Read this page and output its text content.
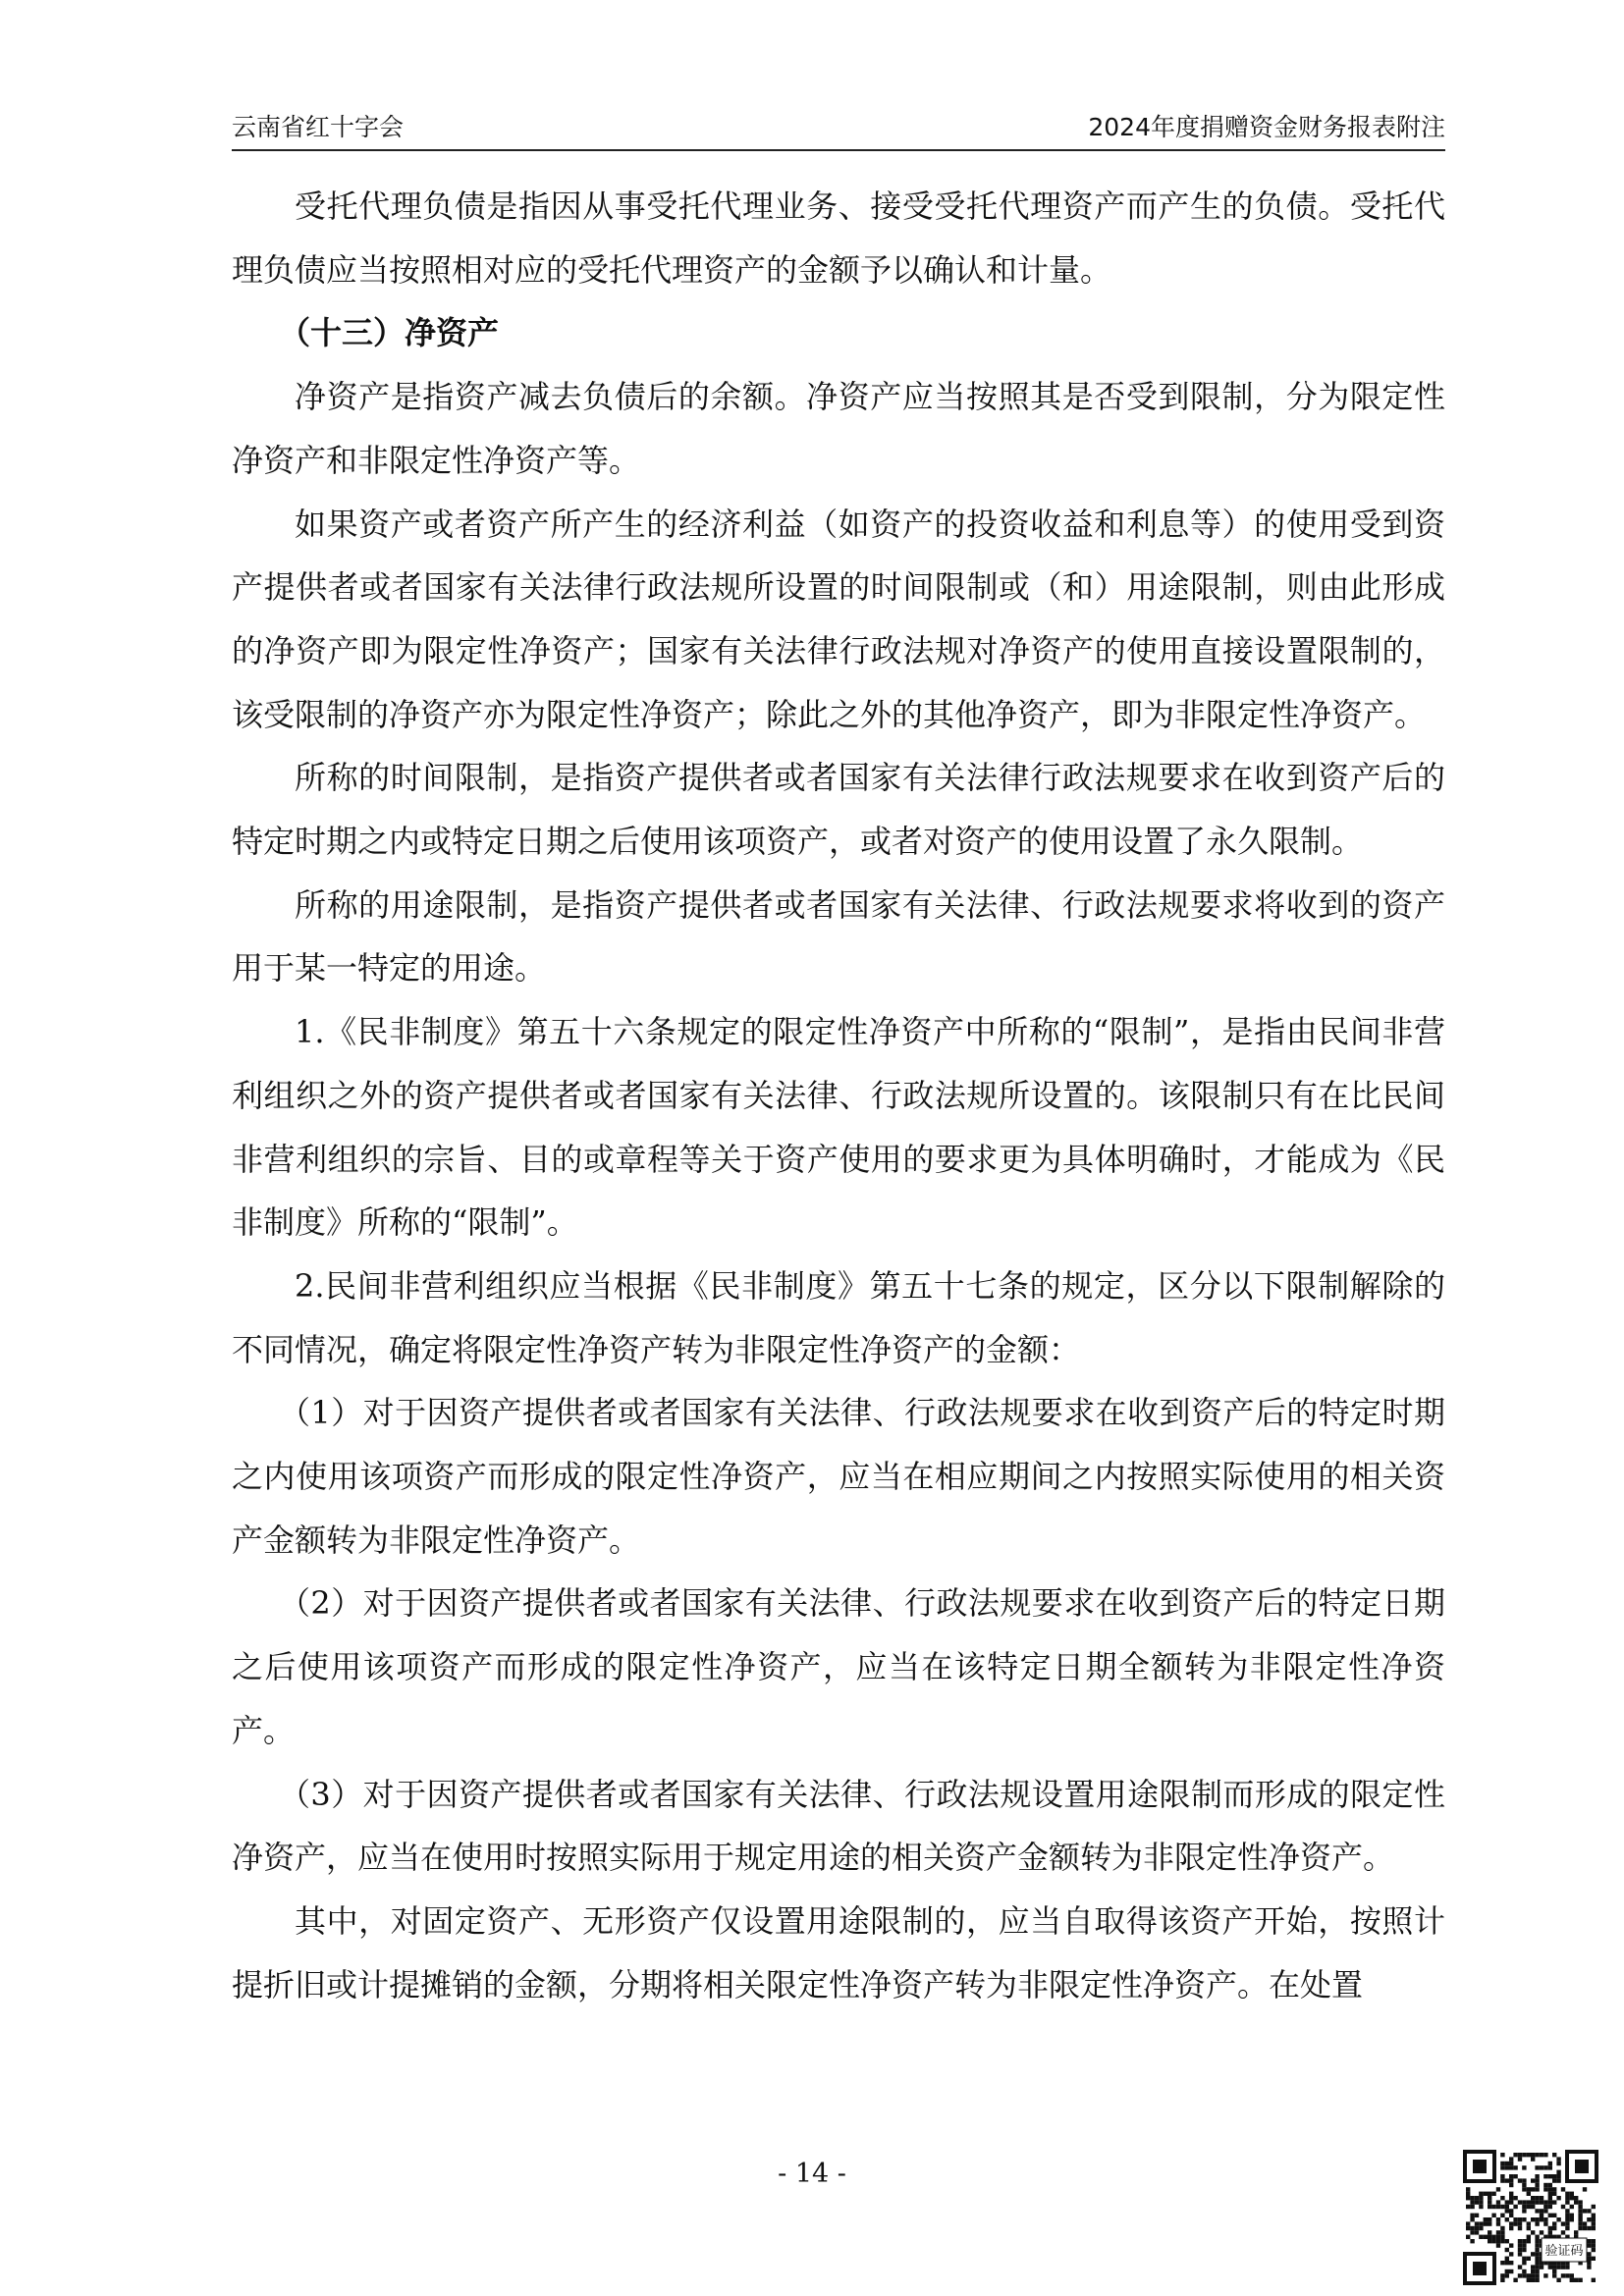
云南省红十字会	2024年度捐赠资金财务报表附注

受托代理负债是指因从事受托代理业务、接受受托代理资产而产生的负债。受托代理负债应当按照相对应的受托代理资产的金额予以确认和计量。

（十三）净资产

净资产是指资产减去负债后的余额。净资产应当按照其是否受到限制，分为限定性净资产和非限定性净资产等。

如果资产或者资产所产生的经济利益（如资产的投资收益和利息等）的使用受到资产提供者或者国家有关法律行政法规所设置的时间限制或（和）用途限制，则由此形成的净资产即为限定性净资产；国家有关法律行政法规对净资产的使用直接设置限制的，该受限制的净资产亦为限定性净资产；除此之外的其他净资产，即为非限定性净资产。

所称的时间限制，是指资产提供者或者国家有关法律行政法规要求在收到资产后的特定时期之内或特定日期之后使用该项资产，或者对资产的使用设置了永久限制。

所称的用途限制，是指资产提供者或者国家有关法律、行政法规要求将收到的资产用于某一特定的用途。

1.《民非制度》第五十六条规定的限定性净资产中所称的“限制”，是指由民间非营利组织之外的资产提供者或者国家有关法律、行政法规所设置的。该限制只有在比民间非营利组织的宗旨、目的或章程等关于资产使用的要求更为具体明确时，才能成为《民非制度》所称的“限制”。

2.民间非营利组织应当根据《民非制度》第五十七条的规定，区分以下限制解除的不同情况，确定将限定性净资产转为非限定性净资产的金额：

（1）对于因资产提供者或者国家有关法律、行政法规要求在收到资产后的特定时期之内使用该项资产而形成的限定性净资产，应当在相应期间之内按照实际使用的相关资产金额转为非限定性净资产。

（2）对于因资产提供者或者国家有关法律、行政法规要求在收到资产后的特定日期之后使用该项资产而形成的限定性净资产，应当在该特定日期全额转为非限定性净资产。

（3）对于因资产提供者或者国家有关法律、行政法规设置用途限制而形成的限定性净资产，应当在使用时按照实际用于规定用途的相关资产金额转为非限定性净资产。

其中，对固定资产、无形资产仅设置用途限制的，应当自取得该资产开始，按照计提折旧或计提摊销的金额，分期将相关限定性净资产转为非限定性净资产。在处置

- 14 -
验证码
